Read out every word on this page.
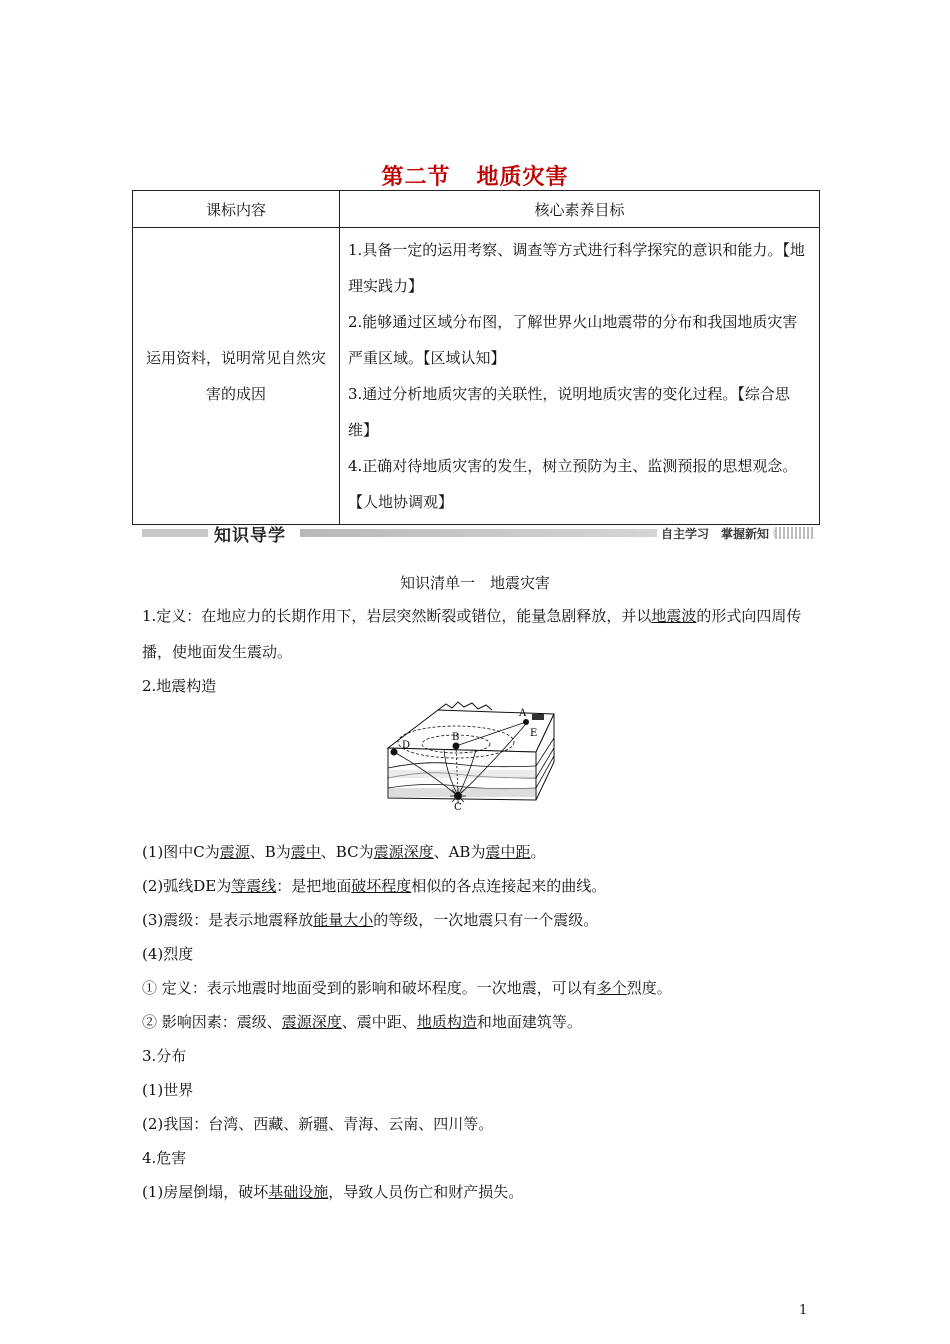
第二节 地质灾害
课标内容	核心素养目标
运用资料，说明常见自然灾害的成因	1.具备一定的运用考察、调查等方式进行科学探究的意识和能力。【地理实践力】
2.能够通过区域分布图，了解世界火山地震带的分布和我国地质灾害严重区域。【区域认知】
3.通过分析地质灾害的关联性，说明地质灾害的变化过程。【综合思维】
4.正确对待地质灾害的发生，树立预防为主、监测预报的思想观念。【人地协调观】
知识导学	自主学习　掌握新知
知识清单一　地震灾害
1.定义：在地应力的长期作用下，岩层突然断裂或错位，能量急剧释放，并以地震波的形式向四周传播，使地面发生震动。
2.地震构造
A
B
D
E
C
(1)图中C为震源、B为震中、BC为震源深度、AB为震中距。
(2)弧线DE为等震线：是把地面破坏程度相似的各点连接起来的曲线。
(3)震级：是表示地震释放能量大小的等级，一次地震只有一个震级。
(4)烈度
① 定义：表示地震时地面受到的影响和破坏程度。一次地震，可以有多个烈度。
② 影响因素：震级、震源深度、震中距、地质构造和地面建筑等。
3.分布
(1)世界
(2)我国：台湾、西藏、新疆、青海、云南、四川等。
4.危害
(1)房屋倒塌，破坏基础设施，导致人员伤亡和财产损失。
1
